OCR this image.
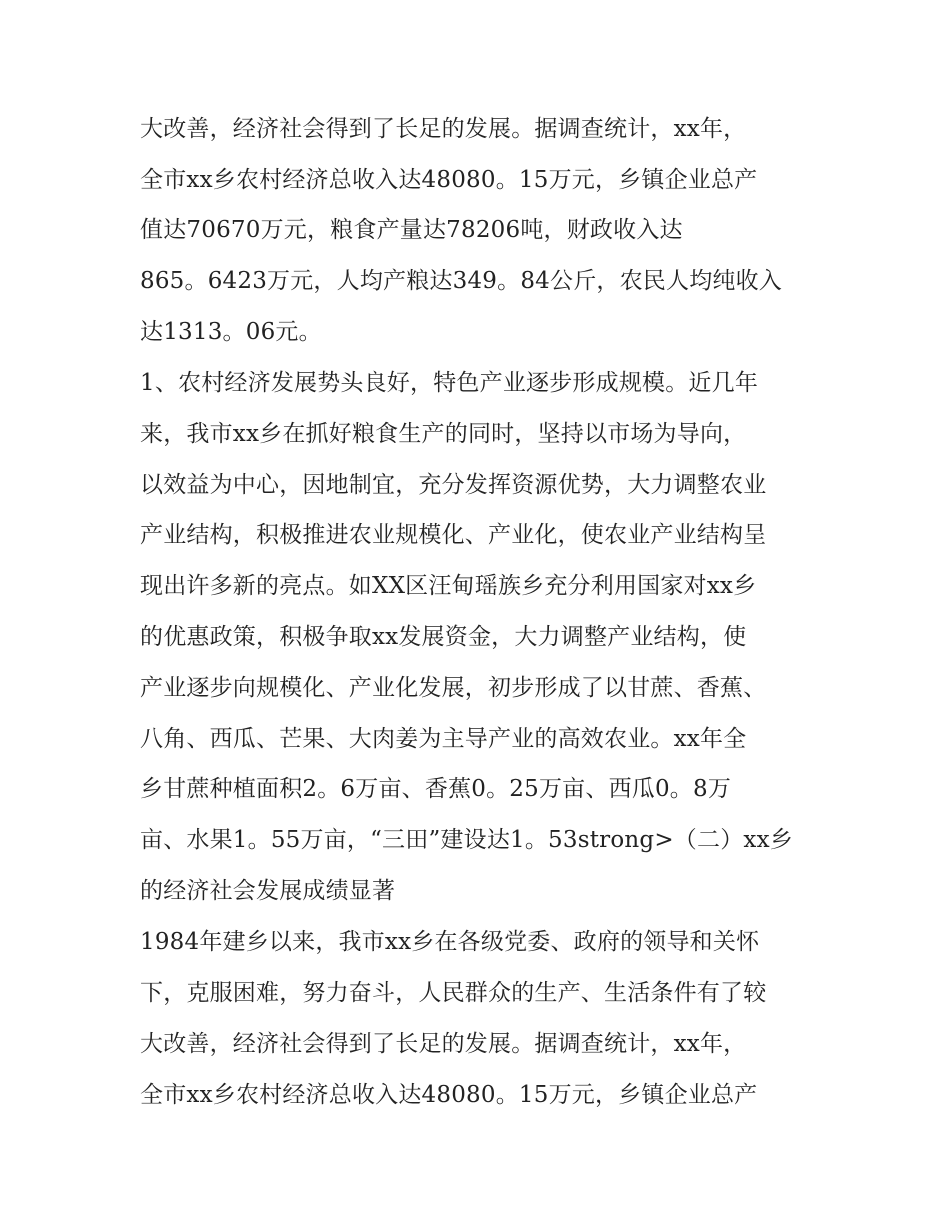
大改善，经济社会得到了长足的发展。据调查统计，xx年，
全市xx乡农村经济总收入达48080。15万元，乡镇企业总产
值达70670万元，粮食产量达78206吨，财政收入达
865。6423万元，人均产粮达349。84公斤，农民人均纯收入
达1313。06元。
1、农村经济发展势头良好，特色产业逐步形成规模。近几年
来，我市xx乡在抓好粮食生产的同时，坚持以市场为导向，
以效益为中心，因地制宜，充分发挥资源优势，大力调整农业
产业结构，积极推进农业规模化、产业化，使农业产业结构呈
现出许多新的亮点。如XX区汪甸瑶族乡充分利用国家对xx乡
的优惠政策，积极争取xx发展资金，大力调整产业结构，使
产业逐步向规模化、产业化发展，初步形成了以甘蔗、香蕉、
八角、西瓜、芒果、大肉姜为主导产业的高效农业。xx年全
乡甘蔗种植面积2。6万亩、香蕉0。25万亩、西瓜0。8万
亩、水果1。55万亩，“三田”建设达1。53strong>（二）xx乡
的经济社会发展成绩显著
1984年建乡以来，我市xx乡在各级党委、政府的领导和关怀
下，克服困难，努力奋斗，人民群众的生产、生活条件有了较
大改善，经济社会得到了长足的发展。据调查统计，xx年，
全市xx乡农村经济总收入达48080。15万元，乡镇企业总产
